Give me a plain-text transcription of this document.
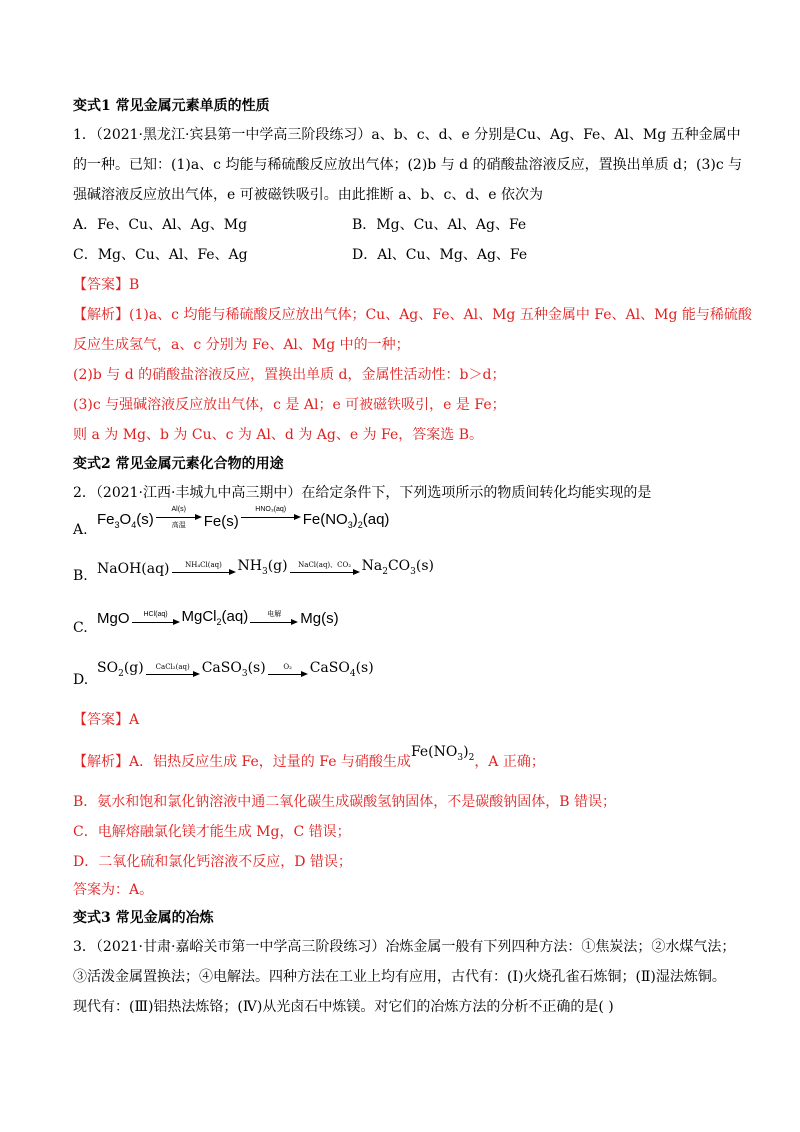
变式1 常见金属元素单质的性质
1．（2021·黑龙江·宾县第一中学高三阶段练习）a、b、c、d、e 分别是Cu、Ag、Fe、Al、Mg 五种金属中
的一种。已知：(1)a、c 均能与稀硫酸反应放出气体；(2)b 与 d 的硝酸盐溶液反应，置换出单质 d；(3)c 与
强碱溶液反应放出气体，e 可被磁铁吸引。由此推断 a、b、c、d、e 依次为
A．Fe、Cu、Al、Ag、Mg	B．Mg、Cu、Al、Ag、Fe
C．Mg、Cu、Al、Fe、Ag	D．Al、Cu、Mg、Ag、Fe
【答案】B
【解析】(1)a、c 均能与稀硫酸反应放出气体；Cu、Ag、Fe、Al、Mg 五种金属中 Fe、Al、Mg 能与稀硫酸
反应生成氢气，a、c 分别为 Fe、Al、Mg 中的一种；
(2)b 与 d 的硝酸盐溶液反应，置换出单质 d，金属性活动性：b＞d；
(3)c 与强碱溶液反应放出气体，c 是 Al；e 可被磁铁吸引，e 是 Fe；
则 a 为 Mg、b 为 Cu、c 为 Al、d 为 Ag、e 为 Fe，答案选 B。
变式2 常见金属元素化合物的用途
2．（2021·江西·丰城九中高三期中）在给定条件下，下列选项所示的物质间转化均能实现的是
A.
$Fe_3O_4(s)$
Al(s)
高温 Fe(s)
HNO₃(aq)
$Fe(NO_3)_2(aq)$
B. NaOH(aq) NH₄Cl(aq) $NH_3(g)$ NaCl(aq)、CO₂ $Na_2CO_3(s)$
C.
MgO HCl(aq) MgCl$_2$(aq)	电解 Mg(s)
D.
$SO_2(g)$ CaCl₂(aq) CaSO$_3$(s)	O₂ CaSO$_4$(s)
【答案】A
【解析】A．铝热反应生成 Fe，过量的 Fe 与硝酸生成$Fe(NO_3)_2$，A 正确；
B．氨水和饱和氯化钠溶液中通二氧化碳生成碳酸氢钠固体，不是碳酸钠固体，B 错误；
C．电解熔融氯化镁才能生成 Mg，C 错误；
D．二氧化硫和氯化钙溶液不反应，D 错误；
答案为：A。
变式3 常见金属的冶炼
3．（2021·甘肃·嘉峪关市第一中学高三阶段练习）冶炼金属一般有下列四种方法：①焦炭法；②水煤气法；
③活泼金属置换法；④电解法。四种方法在工业上均有应用，古代有：(Ⅰ)火烧孔雀石炼铜；(Ⅱ)湿法炼铜。
现代有：(Ⅲ)铝热法炼铬；(Ⅳ)从光卤石中炼镁。对它们的冶炼方法的分析不正确的是( )
